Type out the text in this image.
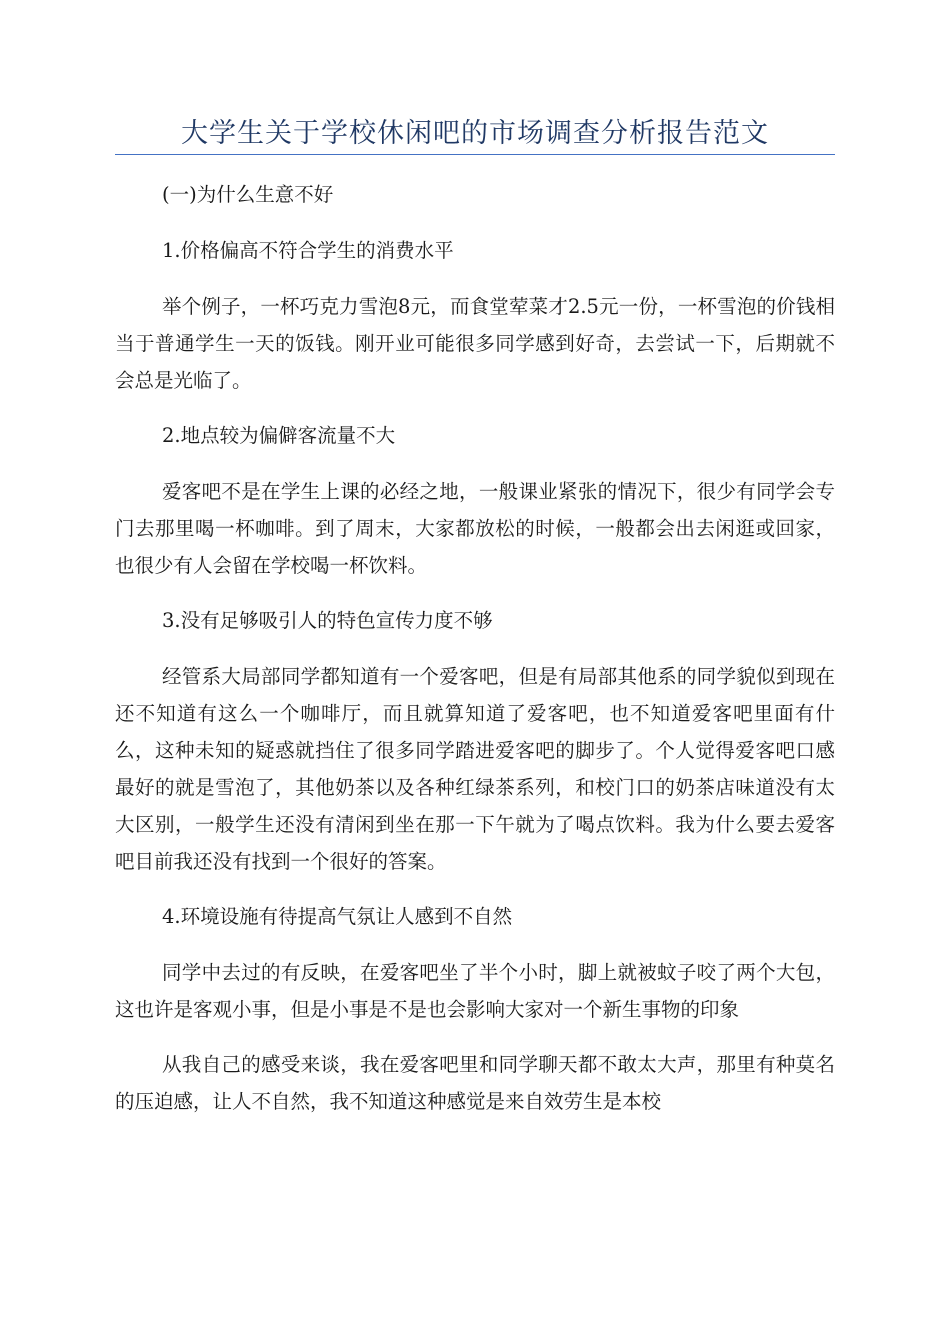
大学生关于学校休闲吧的市场调查分析报告范文

(一)为什么生意不好

1.价格偏高不符合学生的消费水平

举个例子，一杯巧克力雪泡8元，而食堂荤菜才2.5元一份，一杯雪泡的价钱相当于普通学生一天的饭钱。刚开业可能很多同学感到好奇，去尝试一下，后期就不会总是光临了。

2.地点较为偏僻客流量不大

爱客吧不是在学生上课的必经之地，一般课业紧张的情况下，很少有同学会专门去那里喝一杯咖啡。到了周末，大家都放松的时候，一般都会出去闲逛或回家，也很少有人会留在学校喝一杯饮料。

3.没有足够吸引人的特色宣传力度不够

经管系大局部同学都知道有一个爱客吧，但是有局部其他系的同学貌似到现在还不知道有这么一个咖啡厅，而且就算知道了爱客吧，也不知道爱客吧里面有什么，这种未知的疑惑就挡住了很多同学踏进爱客吧的脚步了。个人觉得爱客吧口感最好的就是雪泡了，其他奶茶以及各种红绿茶系列，和校门口的奶茶店味道没有太大区别，一般学生还没有清闲到坐在那一下午就为了喝点饮料。我为什么要去爱客吧目前我还没有找到一个很好的答案。

4.环境设施有待提高气氛让人感到不自然

同学中去过的有反映，在爱客吧坐了半个小时，脚上就被蚊子咬了两个大包，这也许是客观小事，但是小事是不是也会影响大家对一个新生事物的印象

从我自己的感受来谈，我在爱客吧里和同学聊天都不敢太大声，那里有种莫名的压迫感，让人不自然，我不知道这种感觉是来自效劳生是本校
